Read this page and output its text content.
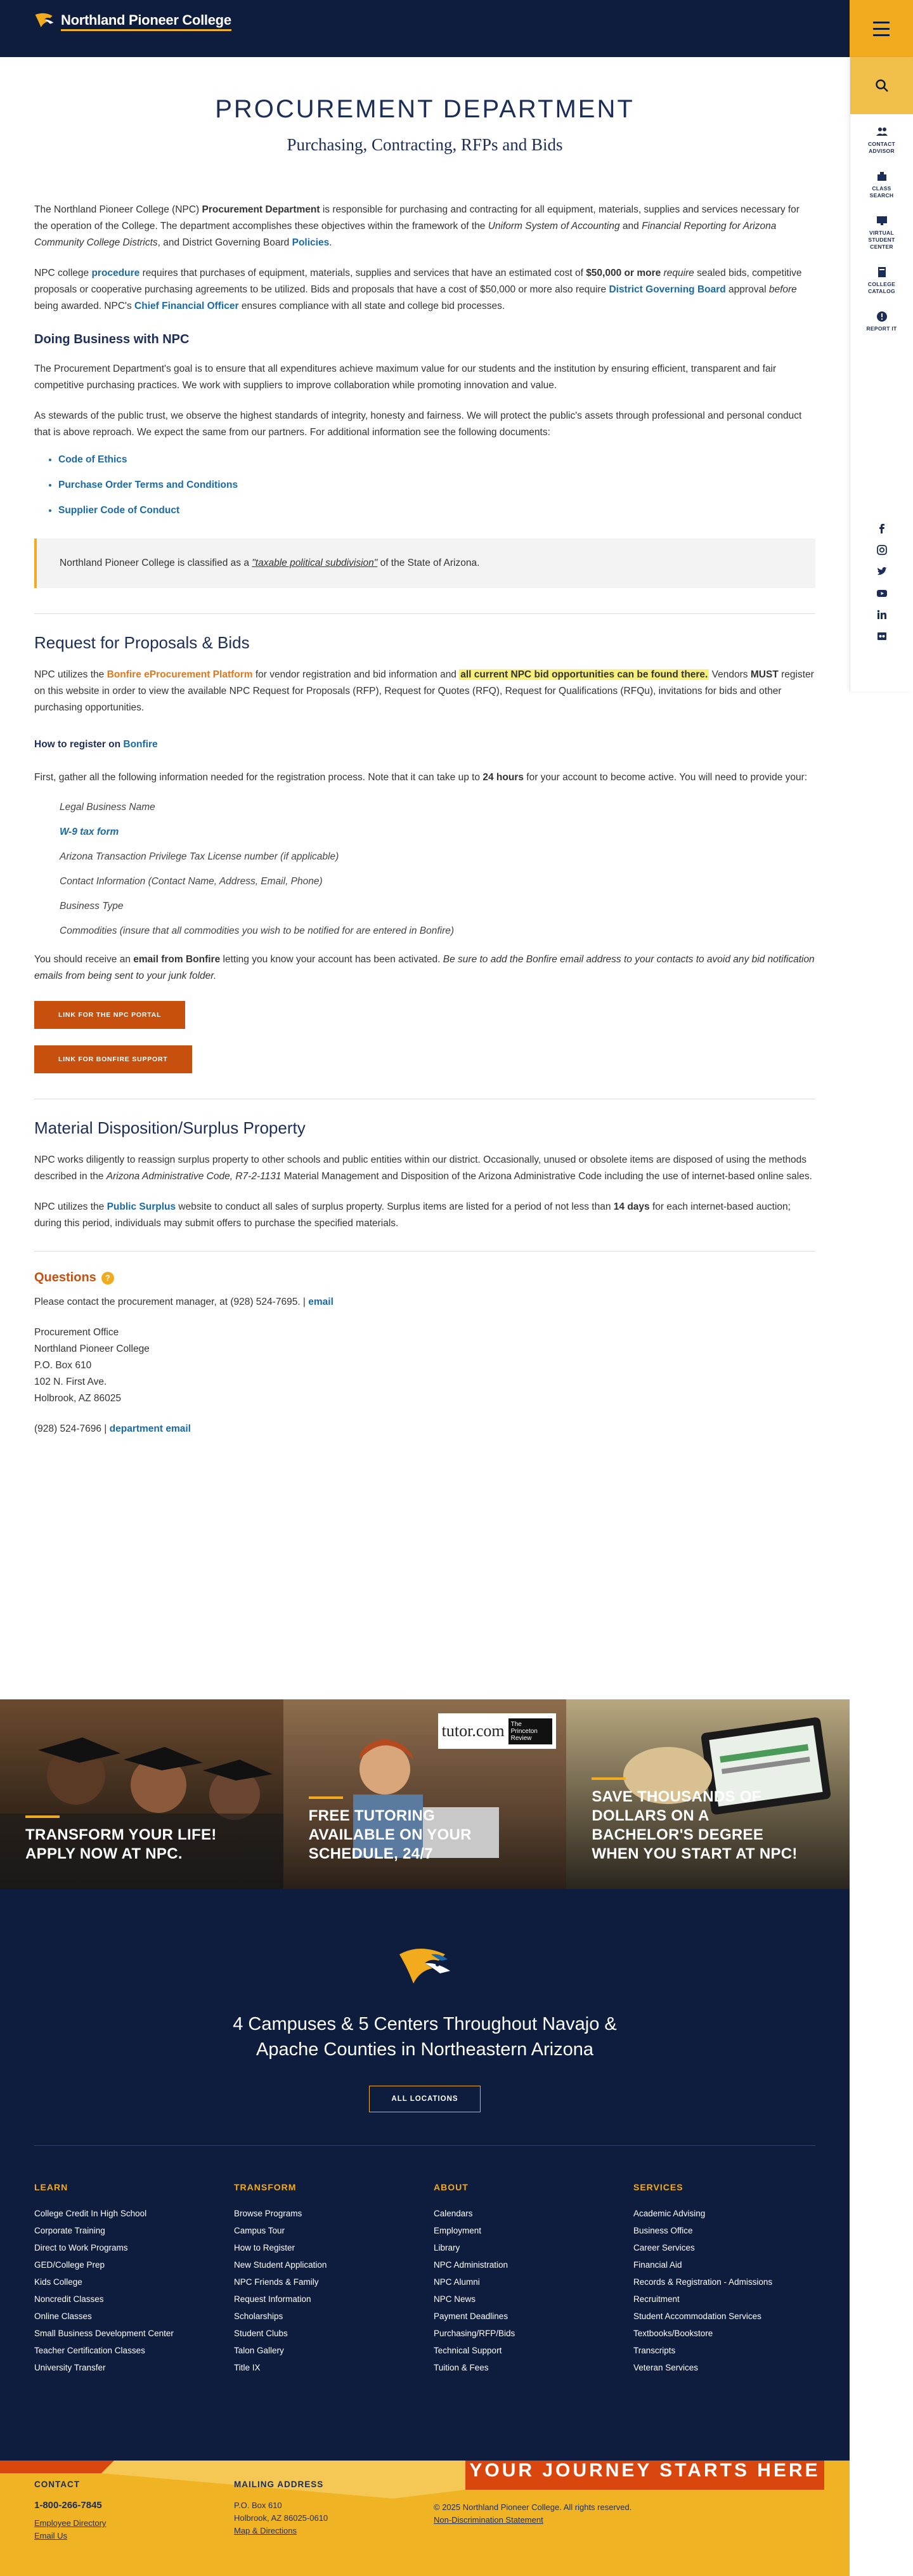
Northland Pioneer College
CONTACT ADVISOR
CLASS SEARCH
VIRTUAL STUDENT CENTER
COLLEGE CATALOG
REPORT IT
PROCUREMENT DEPARTMENT
Purchasing, Contracting, RFPs and Bids

The Northland Pioneer College (NPC) Procurement Department is responsible for purchasing and contracting for all equipment, materials, supplies and services necessary for the operation of the College. The department accomplishes these objectives within the framework of the Uniform System of Accounting and Financial Reporting for Arizona Community College Districts, and District Governing Board Policies.

NPC college procedure requires that purchases of equipment, materials, supplies and services that have an estimated cost of $50,000 or more require sealed bids, competitive proposals or cooperative purchasing agreements to be utilized. Bids and proposals that have a cost of $50,000 or more also require District Governing Board approval before being awarded. NPC's Chief Financial Officer ensures compliance with all state and college bid processes.

Doing Business with NPC

The Procurement Department's goal is to ensure that all expenditures achieve maximum value for our students and the institution by ensuring efficient, transparent and fair competitive purchasing practices. We work with suppliers to improve collaboration while promoting innovation and value.

As stewards of the public trust, we observe the highest standards of integrity, honesty and fairness. We will protect the public's assets through professional and personal conduct that is above reproach. We expect the same from our partners. For additional information see the following documents:

• Code of Ethics
• Purchase Order Terms and Conditions
• Supplier Code of Conduct
Northland Pioneer College is classified as a "taxable political subdivision" of the State of Arizona.
Request for Proposals & Bids

NPC utilizes the Bonfire eProcurement Platform for vendor registration and bid information and all current NPC bid opportunities can be found there. Vendors MUST register on this website in order to view the available NPC Request for Proposals (RFP), Request for Quotes (RFQ), Request for Qualifications (RFQu), invitations for bids and other purchasing opportunities.

How to register on Bonfire

First, gather all the following information needed for the registration process. Note that it can take up to 24 hours for your account to become active. You will need to provide your:

Legal Business Name
W-9 tax form
Arizona Transaction Privilege Tax License number (if applicable)
Contact Information (Contact Name, Address, Email, Phone)
Business Type
Commodities (insure that all commodities you wish to be notified for are entered in Bonfire)

You should receive an email from Bonfire letting you know your account has been activated. Be sure to add the Bonfire email address to your contacts to avoid any bid notification emails from being sent to your junk folder.

LINK FOR THE NPC PORTAL
LINK FOR BONFIRE SUPPORT
Material Disposition/Surplus Property

NPC works diligently to reassign surplus property to other schools and public entities within our district. Occasionally, unused or obsolete items are disposed of using the methods described in the Arizona Administrative Code, R7-2-1131 Material Management and Disposition of the Arizona Administrative Code including the use of internet-based online sales.

NPC utilizes the Public Surplus website to conduct all sales of surplus property. Surplus items are listed for a period of not less than 14 days for each internet-based auction; during this period, individuals may submit offers to purchase the specified materials.

Questions	?

Please contact the procurement manager, at (928) 524-7695. | email

Procurement Office
Northland Pioneer College
P.O. Box 610
102 N. First Ave.
Holbrook, AZ 86025

(928) 524-7696 | department email

TRANSFORM YOUR LIFE! APPLY NOW AT NPC.
tutor.com	The Princeton Review
FREE TUTORING AVAILABLE ON YOUR SCHEDULE, 24/7
SAVE THOUSANDS OF DOLLARS ON A BACHELOR'S DEGREE WHEN YOU START AT NPC!
4 Campuses & 5 Centers Throughout Navajo &
Apache Counties in Northeastern Arizona
ALL LOCATIONS
LEARN
College Credit In High School
Corporate Training
Direct to Work Programs
GED/College Prep
Kids College
Noncredit Classes
Online Classes
Small Business Development Center
Teacher Certification Classes
University Transfer
TRANSFORM
Browse Programs
Campus Tour
How to Register
New Student Application
NPC Friends & Family
Request Information
Scholarships
Student Clubs
Talon Gallery
Title IX
ABOUT
Calendars
Employment
Library
NPC Administration
NPC Alumni
NPC News
Payment Deadlines
Purchasing/RFP/Bids
Technical Support
Tuition & Fees
SERVICES
Academic Advising
Business Office
Career Services
Financial Aid
Records & Registration - Admissions
Recruitment
Student Accommodation Services
Textbooks/Bookstore
Transcripts
Veteran Services
YOUR JOURNEY STARTS HERE
CONTACT
1-800-266-7845
Employee Directory
Email Us
MAILING ADDRESS
P.O. Box 610
Holbrook, AZ 86025-0610
Map & Directions
© 2025 Northland Pioneer College. All rights reserved.
Non-Discrimination Statement
